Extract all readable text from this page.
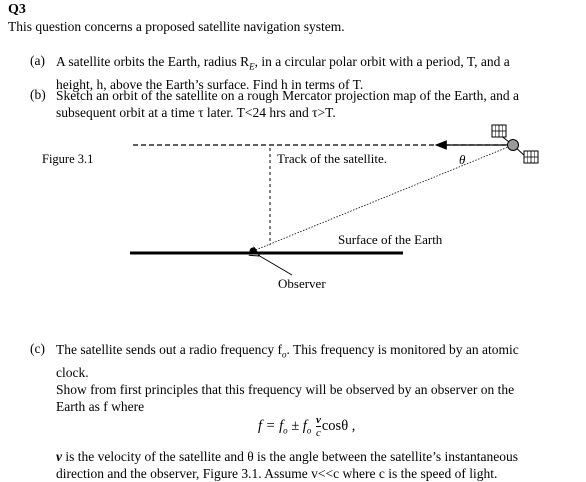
Q3
This question concerns a proposed satellite navigation system.
(a) A satellite orbits the Earth, radius $R_E$, in a circular polar orbit with a period, T, and a
height, h, above the Earth’s surface. Find h in terms of T.
(b) Sketch an orbit of the satellite on a rough Mercator projection map of the Earth, and a
subsequent orbit at a time τ later. T<24 hrs and τ>T.
Figure 3.1	Track of the satellite.	θ
Surface of the Earth
Observer
(c) The satellite sends out a radio frequency $f_o$. This frequency is monitored by an atomic
clock.
Show from first principles that this frequency will be observed by an observer on the
Earth as f where
$f = f_o \pm f_o \frac{v}{c}$ cosθ ,
v is the velocity of the satellite and θ is the angle between the satellite’s instantaneous
direction and the observer, Figure 3.1. Assume v<<c where c is the speed of light.
